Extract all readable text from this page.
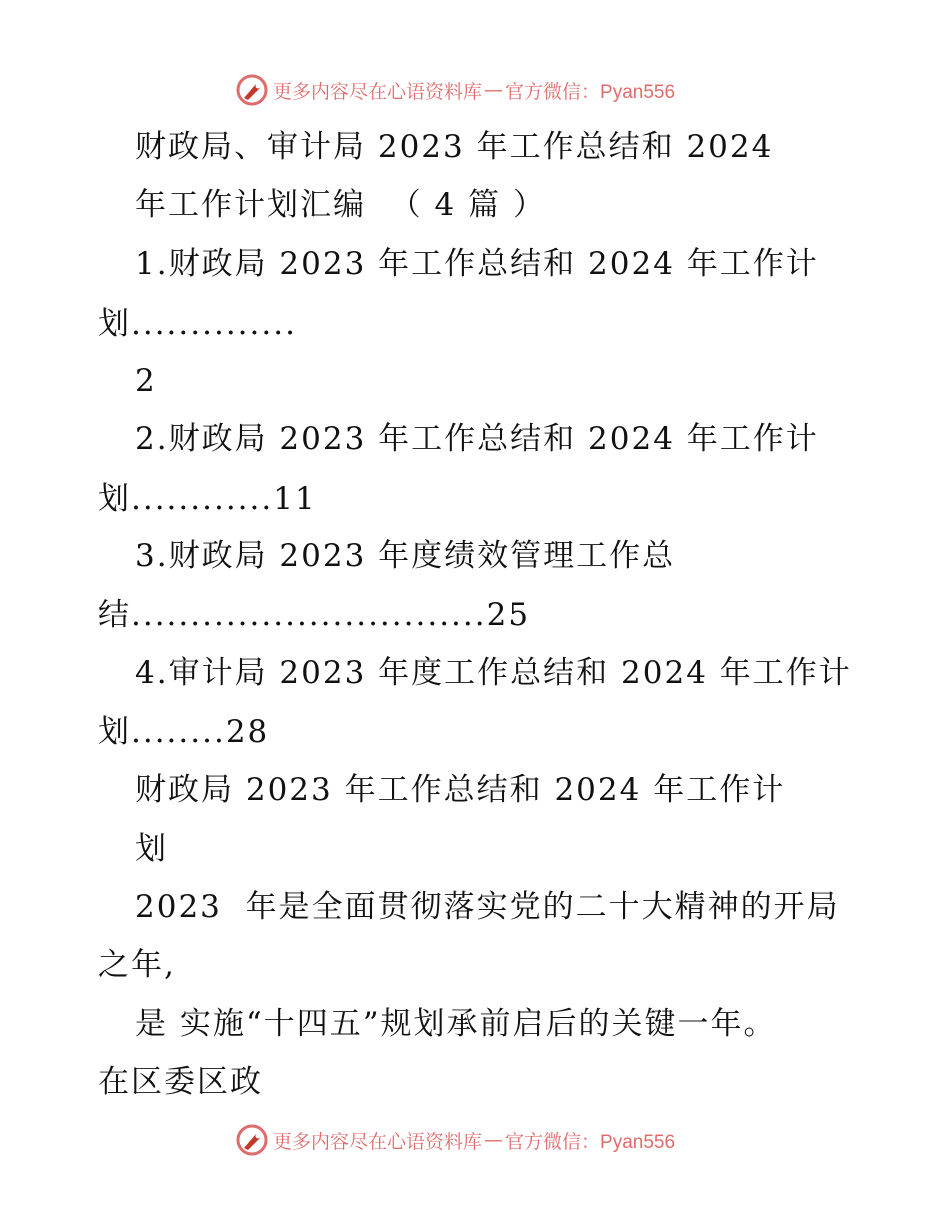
更多内容尽在心语资料库 — 官方微信：Pyan556
财政局、审计局 2023 年工作总结和 2024
年工作计划汇编  （ 4 篇 ）
1.财政局 2023 年工作总结和 2024 年工作计
划..............
2
2.财政局 2023 年工作总结和 2024 年工作计
划............11
3.财政局 2023 年度绩效管理工作总
结..............................25
4.审计局 2023 年度工作总结和 2024 年工作计
划........28
财政局 2023 年工作总结和 2024 年工作计
划
2023  年是全面贯彻落实党的二十大精神的开局
之年,
是 实施“十四五”规划承前启后的关键一年。
在区委区政
更多内容尽在心语资料库 — 官方微信：Pyan556
